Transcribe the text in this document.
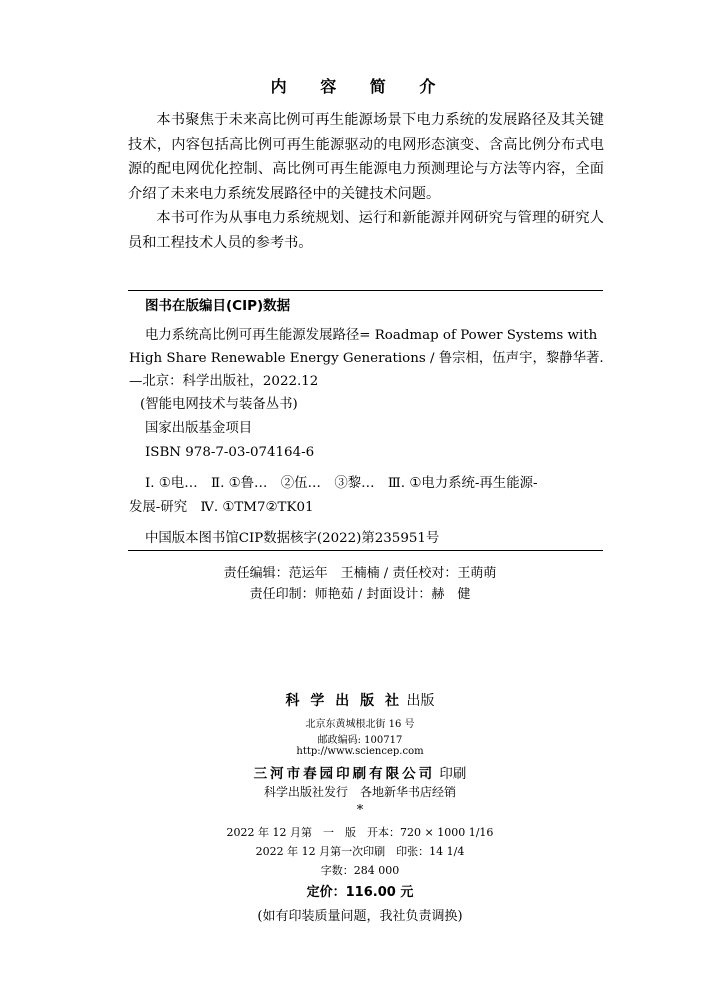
内 容 简 介

本书聚焦于未来高比例可再生能源场景下电力系统的发展路径及其关键技术，内容包括高比例可再生能源驱动的电网形态演变、含高比例分布式电源的配电网优化控制、高比例可再生能源电力预测理论与方法等内容，全面介绍了未来电力系统发展路径中的关键技术问题。

本书可作为从事电力系统规划、运行和新能源并网研究与管理的研究人员和工程技术人员的参考书。

图书在版编目(CIP)数据
电力系统高比例可再生能源发展路径= Roadmap of Power Systems with
High Share Renewable Energy Generations / 鲁宗相，伍声宇，黎静华著.
—北京：科学出版社，2022.12
(智能电网技术与装备丛书)
国家出版基金项目
ISBN 978-7-03-074164-6
Ⅰ. ①电…　Ⅱ. ①鲁…　②伍…　③黎…　Ⅲ. ①电力系统-再生能源-
发展-研究　Ⅳ. ①TM7②TK01
中国版本图书馆CIP数据核字(2022)第235951号
责任编辑：范运年　王楠楠 / 责任校对：王萌萌
责任印制：师艳茹 / 封面设计：赫　健
科 学 出 版 社 出版
北京东黄城根北街 16 号
邮政编码: 100717
http://www.sciencep.com
三河市春园印刷有限公司 印刷
科学出版社发行　各地新华书店经销
*
2022 年 12 月第　一　版　开本：720 × 1000 1/16
2022 年 12 月第一次印刷　印张：14 1/4
字数：284 000
定价：116.00 元
(如有印装质量问题，我社负责调换)
